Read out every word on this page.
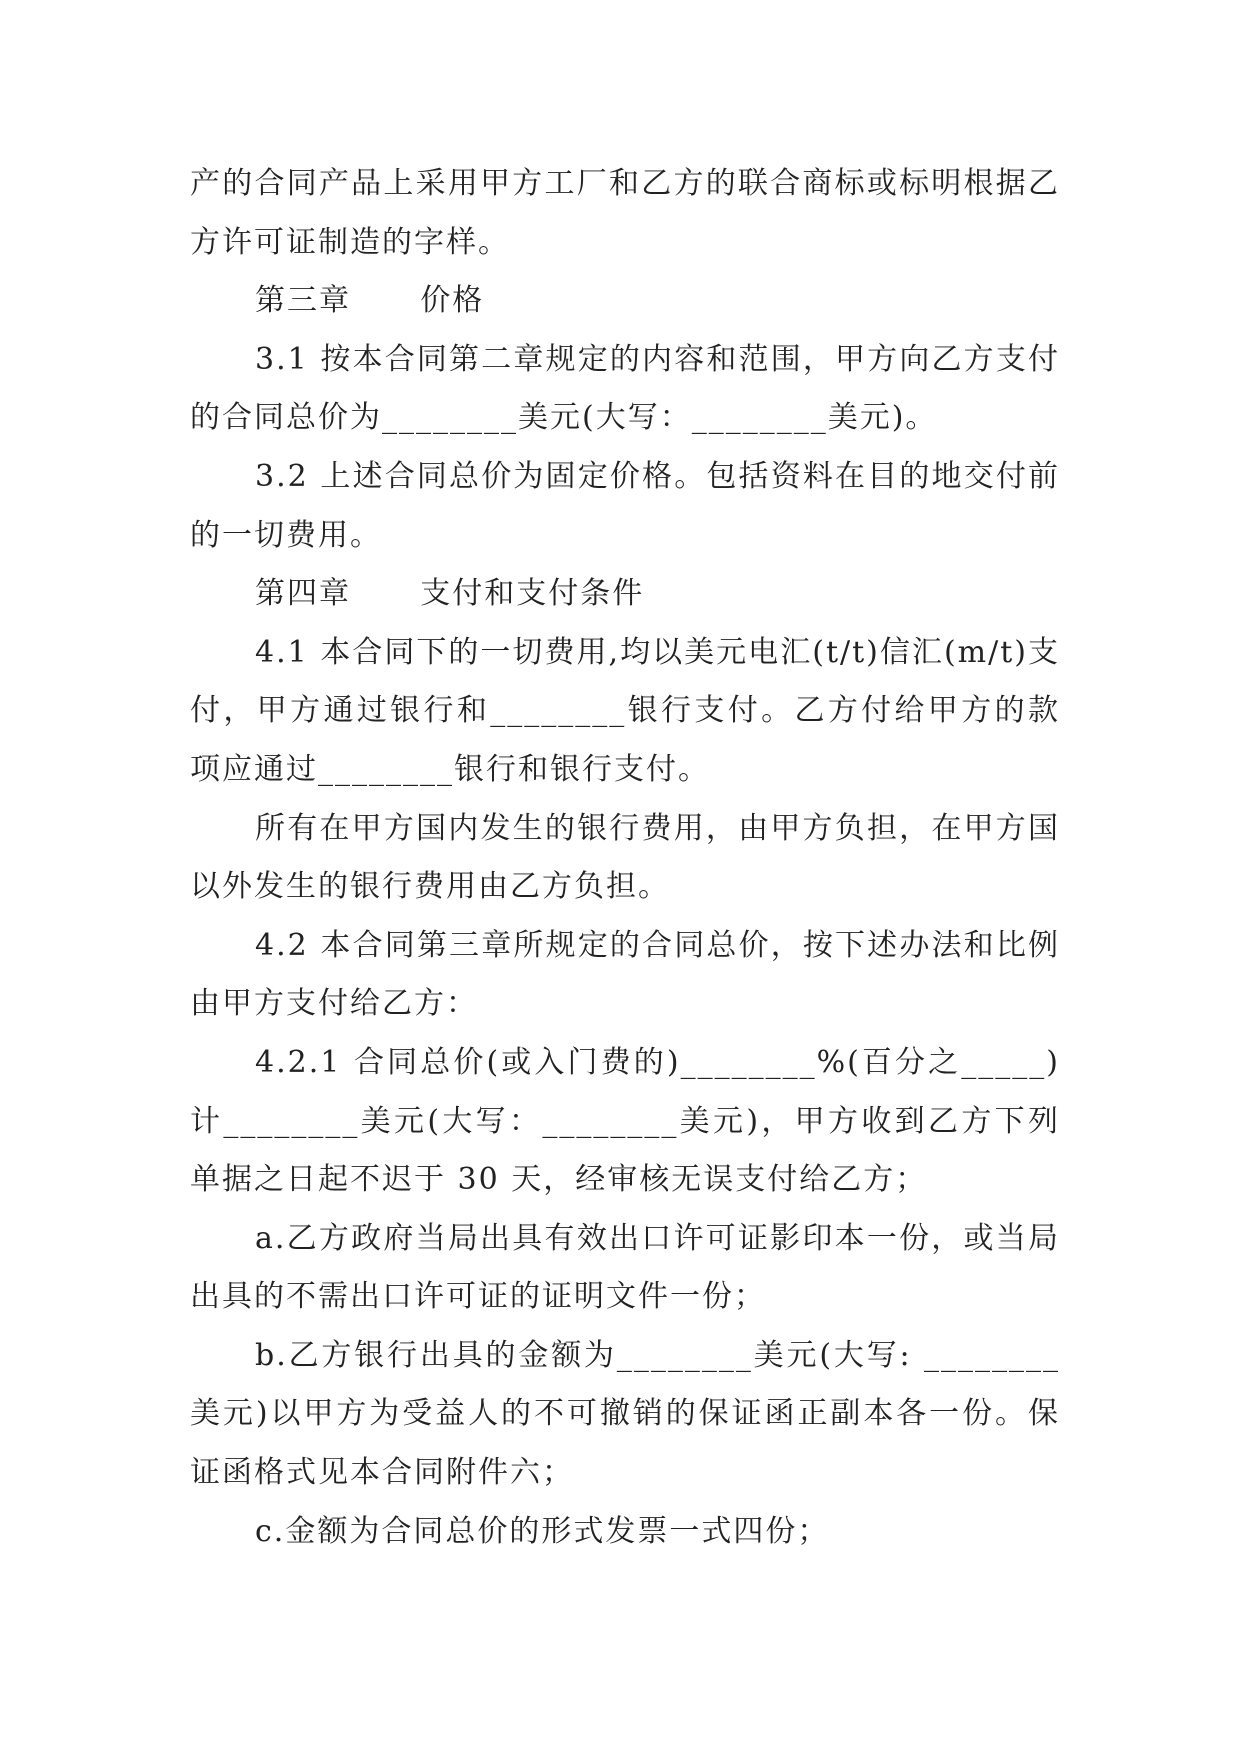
产的合同产品上采用甲方工厂和乙方的联合商标或标明根据乙方许可证制造的字样。

第三章      价格

3.1 按本合同第二章规定的内容和范围，甲方向乙方支付的合同总价为________美元(大写：________美元)。

3.2 上述合同总价为固定价格。包括资料在目的地交付前的一切费用。

第四章      支付和支付条件

4.1 本合同下的一切费用,均以美元电汇(t/t)信汇(m/t)支付，甲方通过银行和________银行支付。乙方付给甲方的款项应通过________银行和银行支付。

所有在甲方国内发生的银行费用，由甲方负担，在甲方国以外发生的银行费用由乙方负担。

4.2 本合同第三章所规定的合同总价，按下述办法和比例由甲方支付给乙方：

4.2.1 合同总价(或入门费的)________%(百分之_____)计________美元(大写：________美元)，甲方收到乙方下列单据之日起不迟于 30 天，经审核无误支付给乙方；

a.乙方政府当局出具有效出口许可证影印本一份，或当局出具的不需出口许可证的证明文件一份；

b.乙方银行出具的金额为________美元(大写: ________美元)以甲方为受益人的不可撤销的保证函正副本各一份。保证函格式见本合同附件六；

c.金额为合同总价的形式发票一式四份；
